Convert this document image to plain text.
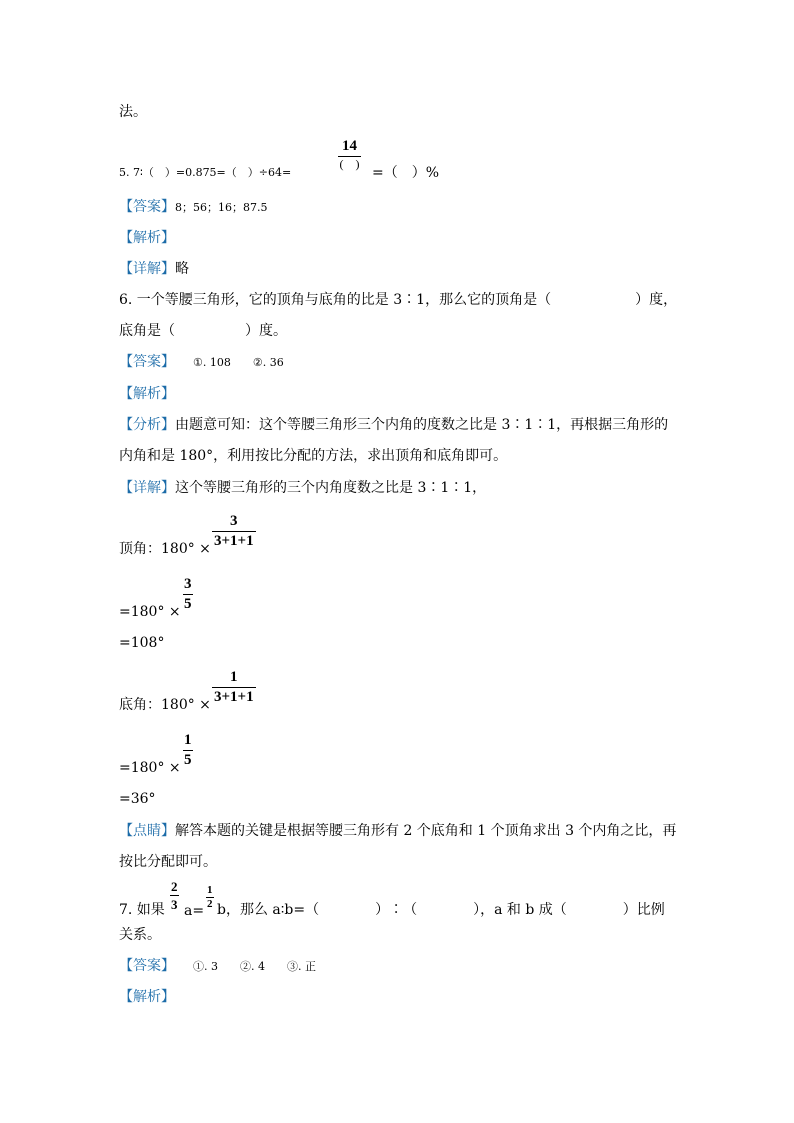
法。
5. 7∶（　）=0.875=（　）÷64=
14
(　)
=（　）%
【答案】8；56；16；87.5
【解析】
【详解】略
6. 一个等腰三角形，它的顶角与底角的比是 3∶1，那么它的顶角是（　　　　　　）度，
底角是（　　　　　）度。
【答案】 ①. 108　　②. 36
【解析】
【分析】由题意可知：这个等腰三角形三个内角的度数之比是 3∶1∶1，再根据三角形的
内角和是 180°，利用按比分配的方法，求出顶角和底角即可。
【详解】这个等腰三角形的三个内角度数之比是 3∶1∶1，
顶角：180° ×
3
3+1+1
=180° ×
3
5
=108°
底角：180° ×
1
3+1+1
=180° ×
1
5
=36°
【点睛】解答本题的关键是根据等腰三角形有 2 个底角和 1 个顶角求出 3 个内角之比，再
按比分配即可。
7. 如果
2
3 a=
1
2 b，那么 a∶b=（　　　　）∶（　　　　），a 和 b 成（　　　　）比例
关系。
【答案】 ①. 3　　②. 4　　③. 正
【解析】
